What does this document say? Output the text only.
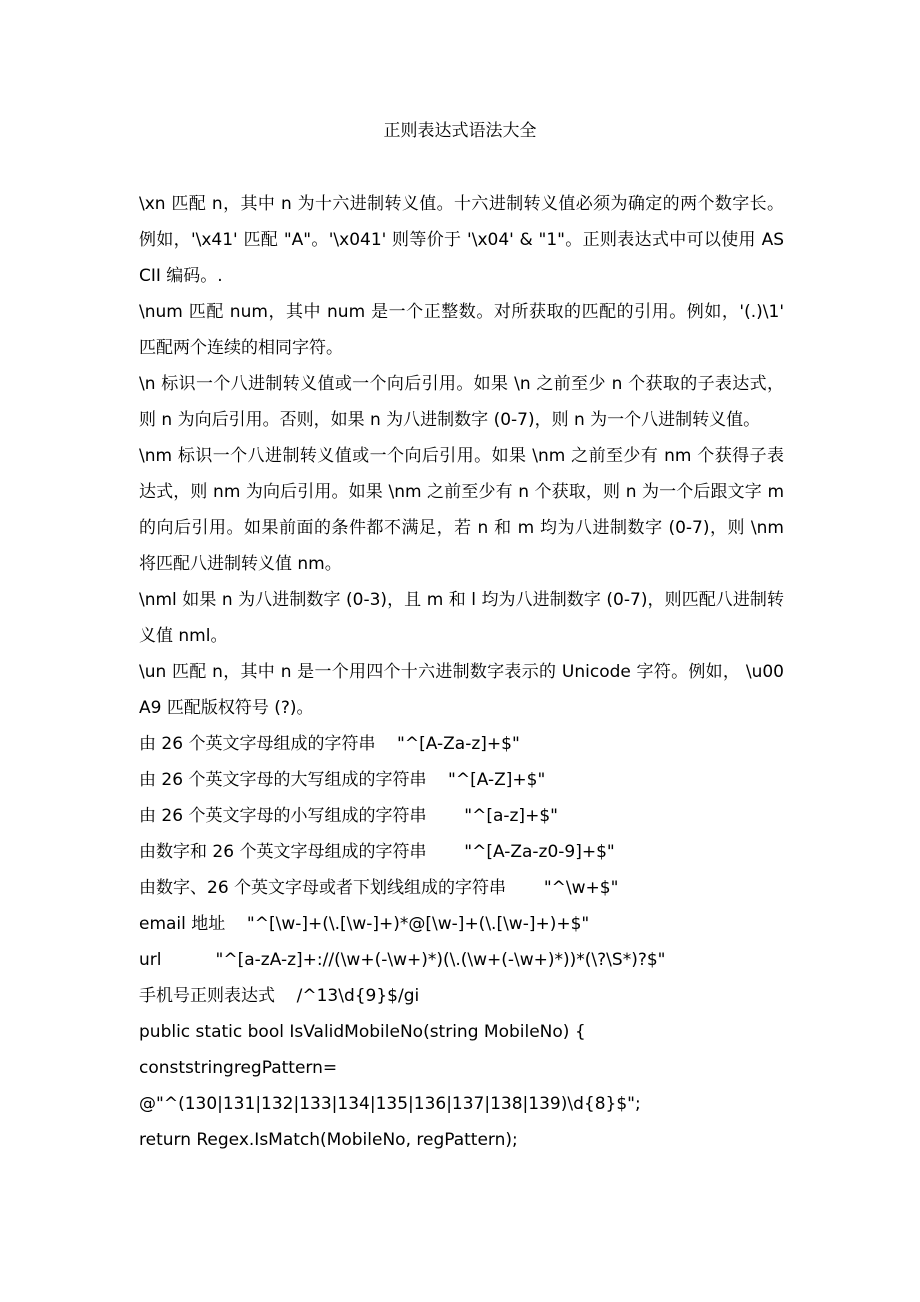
正则表达式语法大全

\xn 匹配 n，其中 n 为十六进制转义值。十六进制转义值必须为确定的两个数字长。例如，'\x41' 匹配 "A"。'\x041' 则等价于 '\x04' & "1"。正则表达式中可以使用 ASCII 编码。.

\num 匹配 num，其中 num 是一个正整数。对所获取的匹配的引用。例如，'(.)\1' 匹配两个连续的相同字符。

\n 标识一个八进制转义值或一个向后引用。如果 \n 之前至少 n 个获取的子表达式，则 n 为向后引用。否则，如果 n 为八进制数字 (0-7)，则 n 为一个八进制转义值。

\nm 标识一个八进制转义值或一个向后引用。如果 \nm 之前至少有 nm 个获得子表达式，则 nm 为向后引用。如果 \nm 之前至少有 n 个获取，则 n 为一个后跟文字 m 的向后引用。如果前面的条件都不满足，若 n 和 m 均为八进制数字 (0-7)，则 \nm 将匹配八进制转义值 nm。

\nml 如果 n 为八进制数字 (0-3)，且 m 和 l 均为八进制数字 (0-7)，则匹配八进制转义值 nml。

\un 匹配 n，其中 n 是一个用四个十六进制数字表示的 Unicode 字符。例如， \u00A9 匹配版权符号 (?)。

由 26 个英文字母组成的字符串    "^[A-Za-z]+$"

由 26 个英文字母的大写组成的字符串    "^[A-Z]+$"

由 26 个英文字母的小写组成的字符串       "^[a-z]+$"

由数字和 26 个英文字母组成的字符串       "^[A-Za-z0-9]+$"

由数字、26 个英文字母或者下划线组成的字符串       "^\w+$"

email 地址    "^[\w-]+(\.[\w-]+)*@[\w-]+(\.[\w-]+)+$"

url          "^[a-zA-z]+://(\w+(-\w+)*)(\.(\w+(-\w+)*))*(\?\S*)?$"

手机号正则表达式    /^13\d{9}$/gi

public static bool IsValidMobileNo(string MobileNo) {

conststringregPattern=

@"^(130|131|132|133|134|135|136|137|138|139)\d{8}$";

return Regex.IsMatch(MobileNo, regPattern);
